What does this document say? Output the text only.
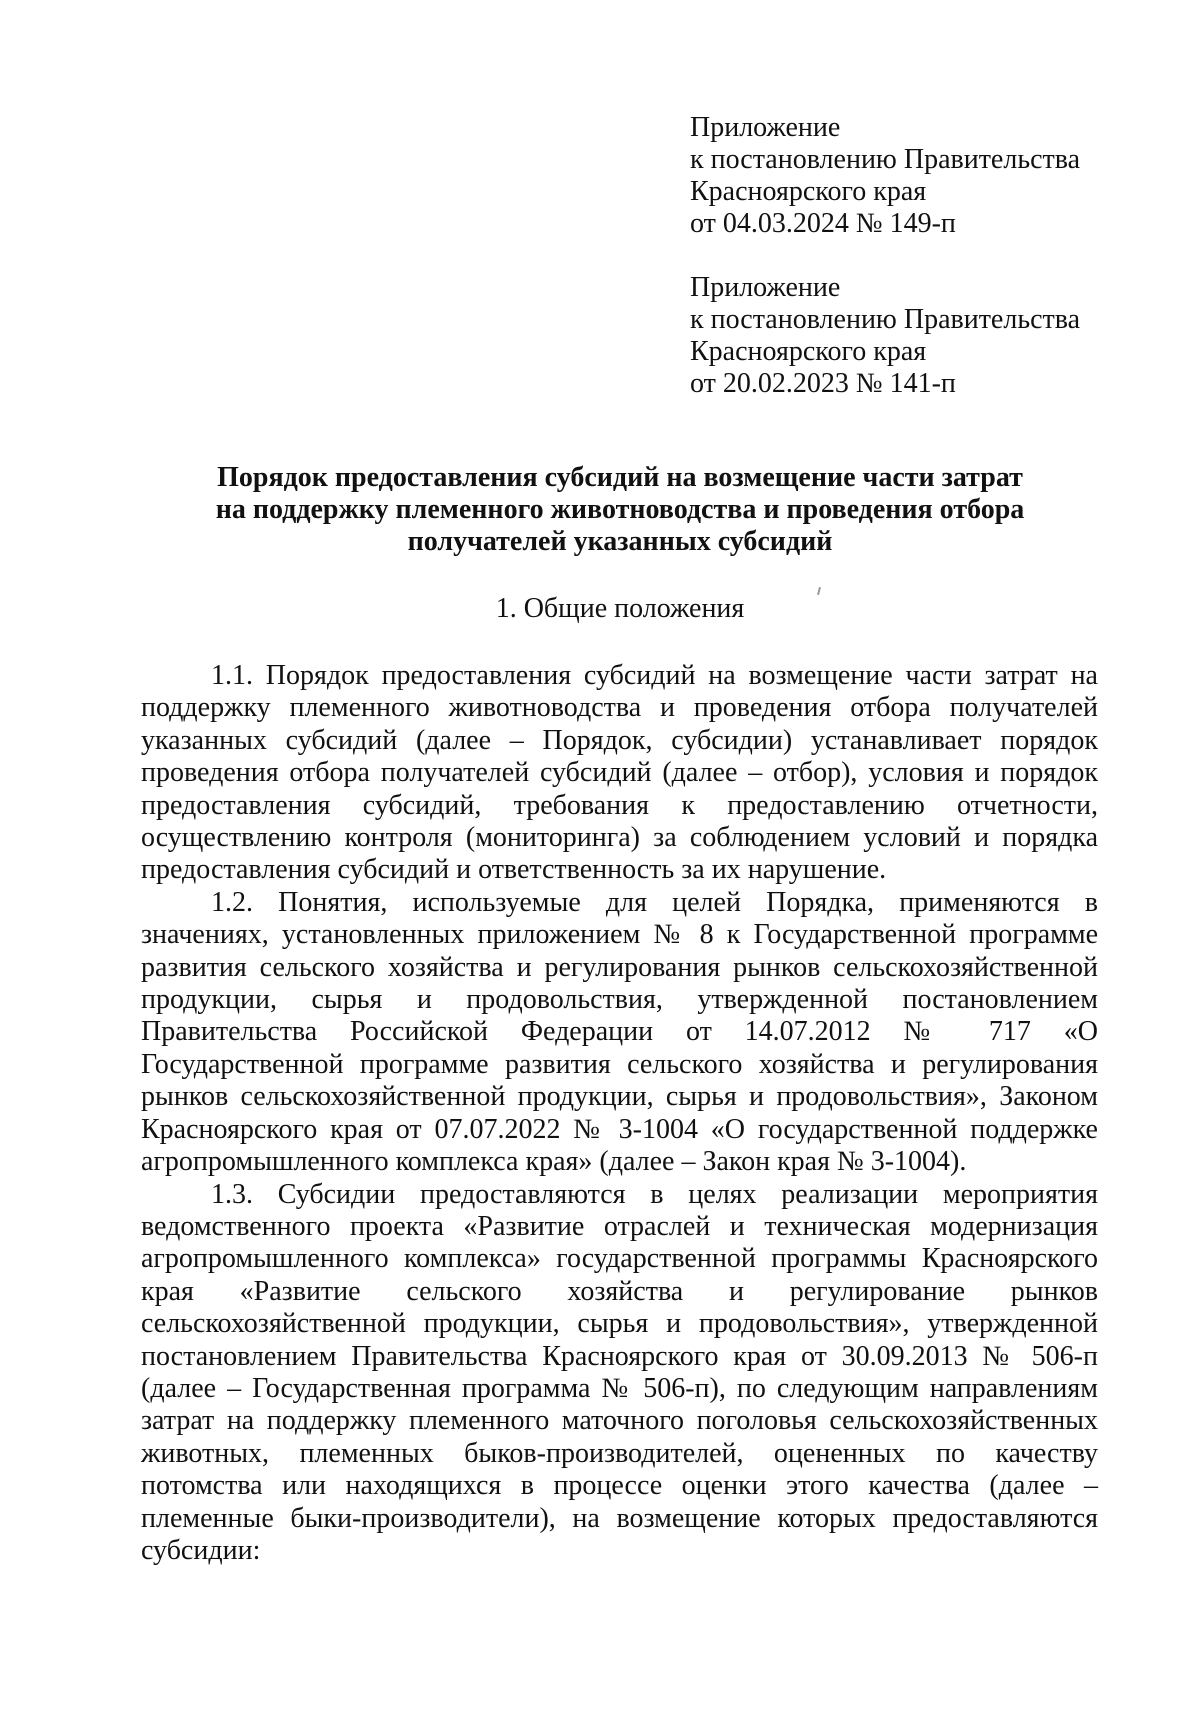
Приложение
к постановлению Правительства
Красноярского края
от 04.03.2024 № 149-п
Приложение
к постановлению Правительства
Красноярского края
от 20.02.2023 № 141-п
Порядок предоставления субсидий на возмещение части затрат
на поддержку племенного животноводства и проведения отбора
получателей указанных субсидий
1. Общие положения

1.1. Порядок предоставления субсидий на возмещение части затрат на поддержку племенного животноводства и проведения отбора получателей указанных субсидий (далее – Порядок, субсидии) устанавливает порядок проведения отбора получателей субсидий (далее – отбор), условия и порядок предоставления субсидий, требования к предоставлению отчетности, осуществлению контроля (мониторинга) за соблюдением условий и порядка предоставления субсидий и ответственность за их нарушение.

1.2. Понятия, используемые для целей Порядка, применяются в значениях, установленных приложением № 8 к Государственной программе развития сельского хозяйства и регулирования рынков сельскохозяйственной продукции, сырья и продовольствия, утвержденной постановлением Правительства Российской Федерации от 14.07.2012 № 717 «О Государственной программе развития сельского хозяйства и регулирования рынков сельскохозяйственной продукции, сырья и продовольствия», Законом Красноярского края от 07.07.2022 № 3-1004 «О государственной поддержке агропромышленного комплекса края» (далее – Закон края № 3-1004).

1.3. Субсидии предоставляются в целях реализации мероприятия ведомственного проекта «Развитие отраслей и техническая модернизация агропромышленного комплекса» государственной программы Красноярского края «Развитие сельского хозяйства и регулирование рынков сельскохозяйственной продукции, сырья и продовольствия», утвержденной постановлением Правительства Красноярского края от 30.09.2013 № 506-п (далее – Государственная программа № 506-п), по следующим направлениям затрат на поддержку племенного маточного поголовья сельскохозяйственных животных, племенных быков-производителей, оцененных по качеству потомства или находящихся в процессе оценки этого качества (далее – племенные быки-производители), на возмещение которых предоставляются субсидии:
